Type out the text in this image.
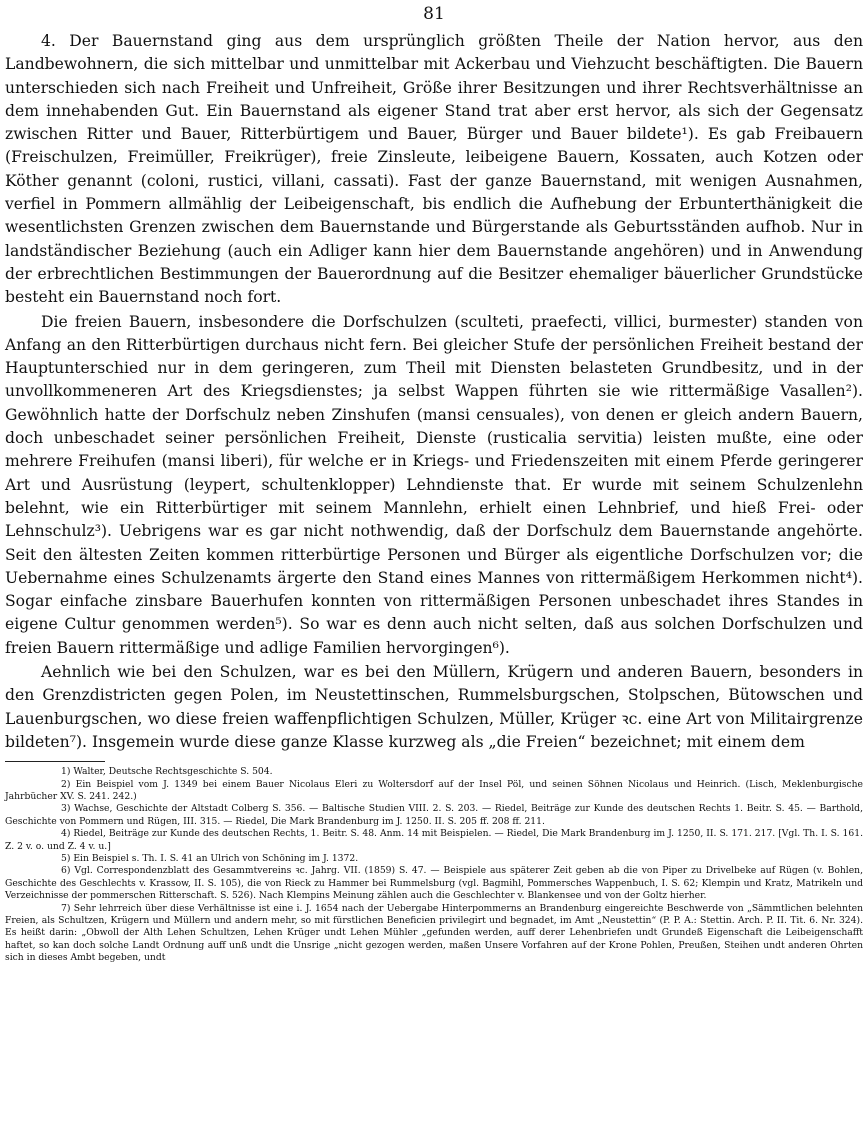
81

4. Der Bauernstand ging aus dem ursprünglich größten Theile der Nation hervor, aus den Landbewohnern, die sich mittelbar und unmittelbar mit Ackerbau und Viehzucht beschäftigten. Die Bauern unterschieden sich nach Freiheit und Unfreiheit, Größe ihrer Besitzungen und ihrer Rechtsverhältnisse an dem innehabenden Gut. Ein Bauernstand als eigener Stand trat aber erst hervor, als sich der Gegensatz zwischen Ritter und Bauer, Ritterbürtigem und Bauer, Bürger und Bauer bildete¹). Es gab Freibauern (Freischulzen, Freimüller, Freikrüger), freie Zinsleute, leibeigene Bauern, Kossaten, auch Kotzen oder Köther genannt (coloni, rustici, villani, cassati). Fast der ganze Bauernstand, mit wenigen Ausnahmen, verfiel in Pommern allmählig der Leibeigenschaft, bis endlich die Aufhebung der Erbunterthänigkeit die wesentlichsten Grenzen zwischen dem Bauernstande und Bürgerstande als Geburtsständen aufhob. Nur in landständischer Beziehung (auch ein Adliger kann hier dem Bauernstande angehören) und in Anwendung der erbrechtlichen Bestimmungen der Bauerordnung auf die Besitzer ehemaliger bäuerlicher Grundstücke besteht ein Bauernstand noch fort.

Die freien Bauern, insbesondere die Dorfschulzen (sculteti, praefecti, villici, burmester) standen von Anfang an den Ritterbürtigen durchaus nicht fern. Bei gleicher Stufe der persönlichen Freiheit bestand der Hauptunterschied nur in dem geringeren, zum Theil mit Diensten belasteten Grundbesitz, und in der unvollkommeneren Art des Kriegsdienstes; ja selbst Wappen führten sie wie rittermäßige Vasallen²). Gewöhnlich hatte der Dorfschulz neben Zinshufen (mansi censuales), von denen er gleich andern Bauern, doch unbeschadet seiner persönlichen Freiheit, Dienste (rusticalia servitia) leisten mußte, eine oder mehrere Freihufen (mansi liberi), für welche er in Kriegs- und Friedenszeiten mit einem Pferde geringerer Art und Ausrüstung (leypert, schultenklopper) Lehndienste that. Er wurde mit seinem Schulzenlehn belehnt, wie ein Ritterbürtiger mit seinem Mannlehn, erhielt einen Lehnbrief, und hieß Frei- oder Lehnschulz³). Uebrigens war es gar nicht nothwendig, daß der Dorfschulz dem Bauernstande angehörte. Seit den ältesten Zeiten kommen ritterbürtige Personen und Bürger als eigentliche Dorfschulzen vor; die Uebernahme eines Schulzenamts ärgerte den Stand eines Mannes von rittermäßigem Herkommen nicht⁴). Sogar einfache zinsbare Bauerhufen konnten von rittermäßigen Personen unbeschadet ihres Standes in eigene Cultur genommen werden⁵). So war es denn auch nicht selten, daß aus solchen Dorfschulzen und freien Bauern rittermäßige und adlige Familien hervorgingen⁶).

Aehnlich wie bei den Schulzen, war es bei den Müllern, Krügern und anderen Bauern, besonders in den Grenzdistricten gegen Polen, im Neustettinschen, Rummelsburgschen, Stolpschen, Bütowschen und Lauenburgschen, wo diese freien waffenpflichtigen Schulzen, Müller, Krüger ꝛc. eine Art von Militairgrenze bildeten⁷). Insgemein wurde diese ganze Klasse kurzweg als „die Freien“ bezeichnet; mit einem dem

1) Walter, Deutsche Rechtsgeschichte S. 504.
2) Ein Beispiel vom J. 1349 bei einem Bauer Nicolaus Eleri zu Woltersdorf auf der Insel Pöl, und seinen Söhnen Nicolaus und Heinrich. (Lisch, Meklenburgische Jahrbücher XV. S. 241. 242.)
3) Wachse, Geschichte der Altstadt Colberg S. 356. — Baltische Studien VIII. 2. S. 203. — Riedel, Beiträge zur Kunde des deutschen Rechts 1. Beitr. S. 45. — Barthold, Geschichte von Pommern und Rügen, III. 315. — Riedel, Die Mark Brandenburg im J. 1250. II. S. 205 ff. 208 ff. 211.
4) Riedel, Beiträge zur Kunde des deutschen Rechts, 1. Beitr. S. 48. Anm. 14 mit Beispielen. — Riedel, Die Mark Brandenburg im J. 1250, II. S. 171. 217. [Vgl. Th. I. S. 161. Z. 2 v. o. und Z. 4 v. u.]
5) Ein Beispiel s. Th. I. S. 41 an Ulrich von Schöning im J. 1372.
6) Vgl. Correspondenzblatt des Gesammtvereins ꝛc. Jahrg. VII. (1859) S. 47. — Beispiele aus späterer Zeit geben ab die von Piper zu Drivelbeke auf Rügen (v. Bohlen, Geschichte des Geschlechts v. Krassow, II. S. 105), die von Rieck zu Hammer bei Rummelsburg (vgl. Bagmihl, Pommersches Wappenbuch, I. S. 62; Klempin und Kratz, Matrikeln und Verzeichnisse der pommerschen Ritterschaft. S. 526). Nach Klempins Meinung zählen auch die Geschlechter v. Blankensee und von der Goltz hierher.
7) Sehr lehrreich über diese Verhältnisse ist eine i. J. 1654 nach der Uebergabe Hinterpommerns an Brandenburg eingereichte Beschwerde von „Sämmtlichen belehnten Freien, als Schultzen, Krügern und Müllern und andern mehr, so mit fürstlichen Beneficien privilegirt und begnadet, im Amt „Neustettin“ (P. P. A.: Stettin. Arch. P. II. Tit. 6. Nr. 324). Es heißt darin: „Obwoll der Alth Lehen Schultzen, Lehen Krüger undt Lehen Mühler „gefunden werden, auff derer Lehenbriefen undt Grundeß Eigenschaft die Leibeigenschafft haftet, so kan doch solche Landt Ordnung auff unß undt die Unsrige „nicht gezogen werden, maßen Unsere Vorfahren auf der Krone Pohlen, Preußen, Steihen undt anderen Ohrten sich in dieses Ambt begeben, undt
